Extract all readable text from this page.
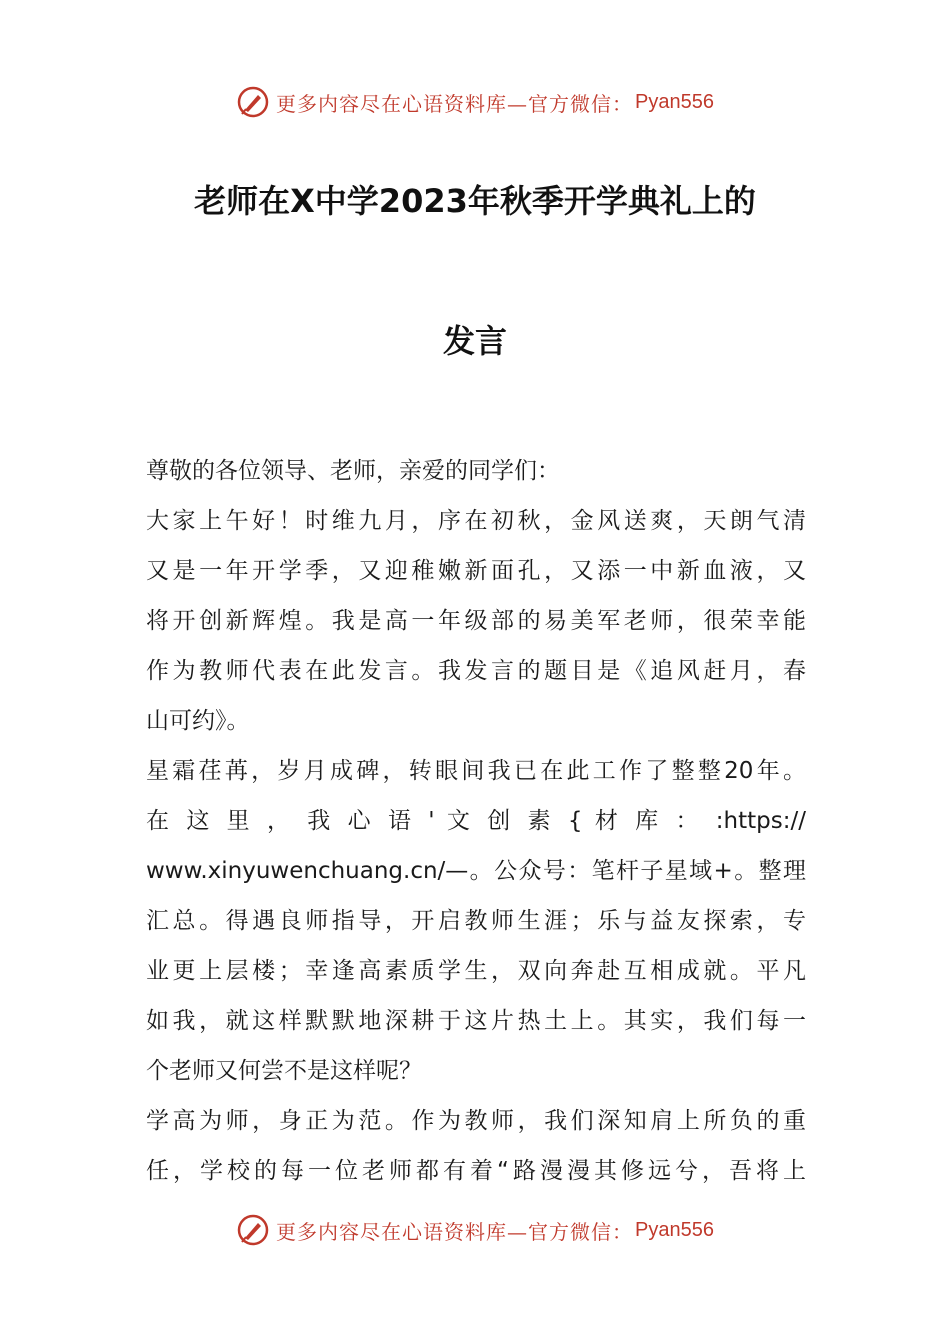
更多内容尽在心语资料库—官方微信： Pyan556
老师在X中学2023年秋季开学典礼上的
发言
尊敬的各位领导、老师，亲爱的同学们：
大家上午好！时维九月，序在初秋，金风送爽，天朗气清
又是一年开学季，又迎稚嫩新面孔，又添一中新血液，又
将开创新辉煌。我是高一年级部的易美军老师，很荣幸能
作为教师代表在此发言。我发言的题目是《追风赶月，春
山可约》。
星霜荏苒，岁月成碑，转眼间我已在此工作了整整20年。
在 这 里 ， 我 心 语 ' 文 创 素 { 材 库 ： :https://
www.xinyuwenchuang.cn/—。公众号：笔杆子星域+。整理
汇总。得遇良师指导，开启教师生涯；乐与益友探索，专
业更上层楼；幸逢高素质学生，双向奔赴互相成就。平凡
如我，就这样默默地深耕于这片热土上。其实，我们每一
个老师又何尝不是这样呢？
学高为师，身正为范。作为教师，我们深知肩上所负的重
任，学校的每一位老师都有着“路漫漫其修远兮，吾将上
更多内容尽在心语资料库—官方微信： Pyan556
